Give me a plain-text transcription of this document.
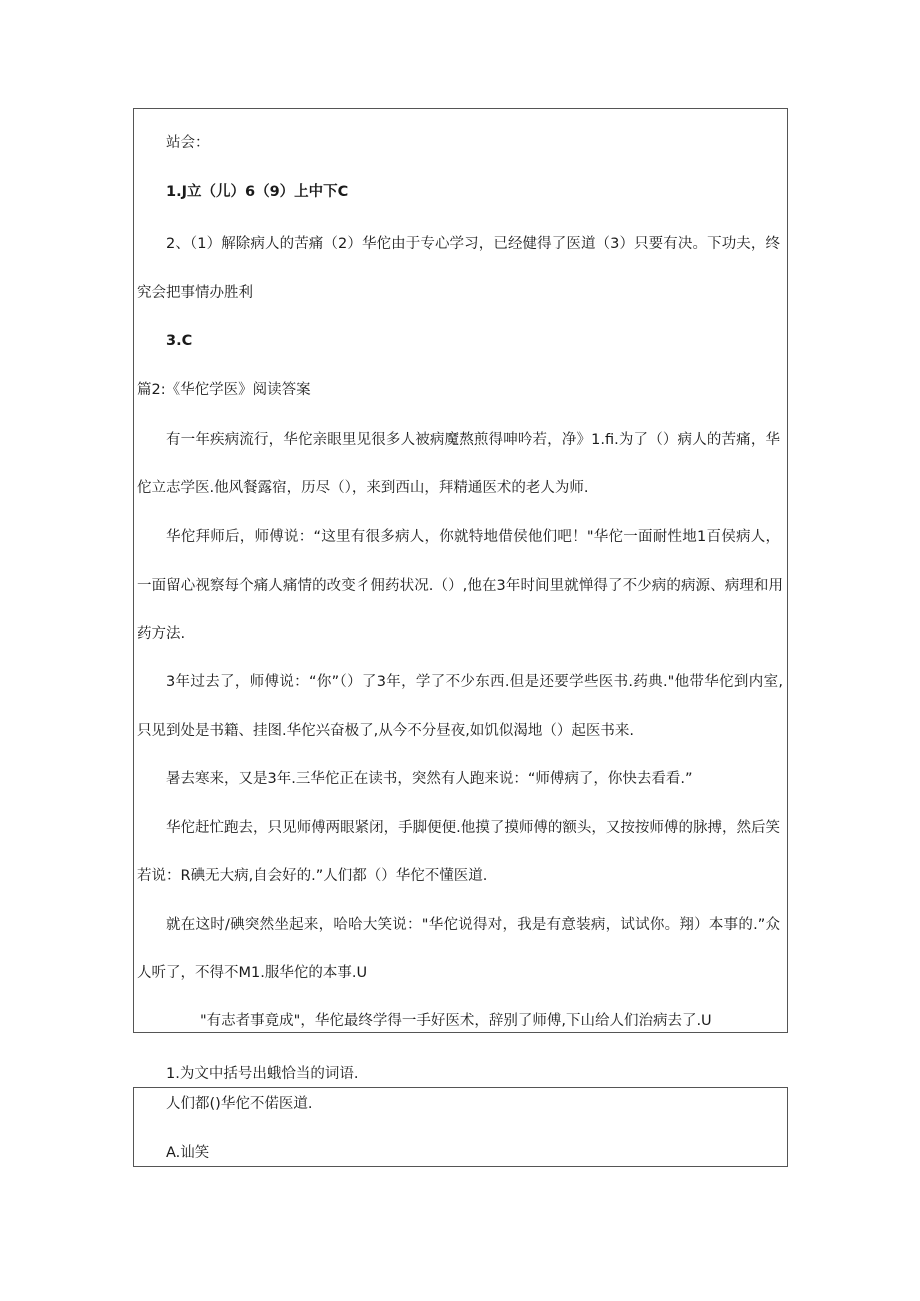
站会：
1.J立（儿）6（9）上中下C
2、（1）解除病人的苦痛（2）华佗由于专心学习，已经健得了医道（3）只要有决。下功夫，终
究会把事情办胜利
3.C
篇2:《华佗学医》阅读答案
有一年疾病流行，华佗亲眼里见很多人被病魔熬煎得呻吟若，净》1.fi.为了（）病人的苦痛，华
佗立志学医.他风餐露宿，历尽（），来到西山，拜精通医术的老人为师.
华佗拜师后，师傅说：“这里有很多病人，你就特地借侯他们吧！"华佗一面耐性地1百侯病人，
一面留心视察每个痛人痛情的改变彳佣药状况.（）,他在3年时间里就惮得了不少病的病源、病理和用
药方法.
3年过去了，师傅说：“你”（）了3年，学了不少东西.但是还要学些医书.药典."他带华佗到内室,
只见到处是书籍、挂图.华佗兴奋极了,从今不分昼夜,如饥似渴地（）起医书来.
暑去寒来，又是3年.三华佗正在读书，突然有人跑来说：“师傅病了，你快去看看.”
华佗赶忙跑去，只见师傅两眼紧闭，手脚便便.他摸了摸师傅的额头，又按按师傅的脉搏，然后笑
若说：R碘无大病,自会好的.”人们都（）华佗不懂医道.
就在这时/碘突然坐起来，哈哈大笑说："华佗说得对，我是有意装病，试试你。翔）本事的.”众
人听了，不得不M1.服华佗的本事.U
"有志者事竟成"，华佗最终学得一手好医术，辞别了师傅,下山给人们治病去了.U
1.为文中括号出蛾恰当的词语.
人们都()华佗不偌医道.
A.讪笑
